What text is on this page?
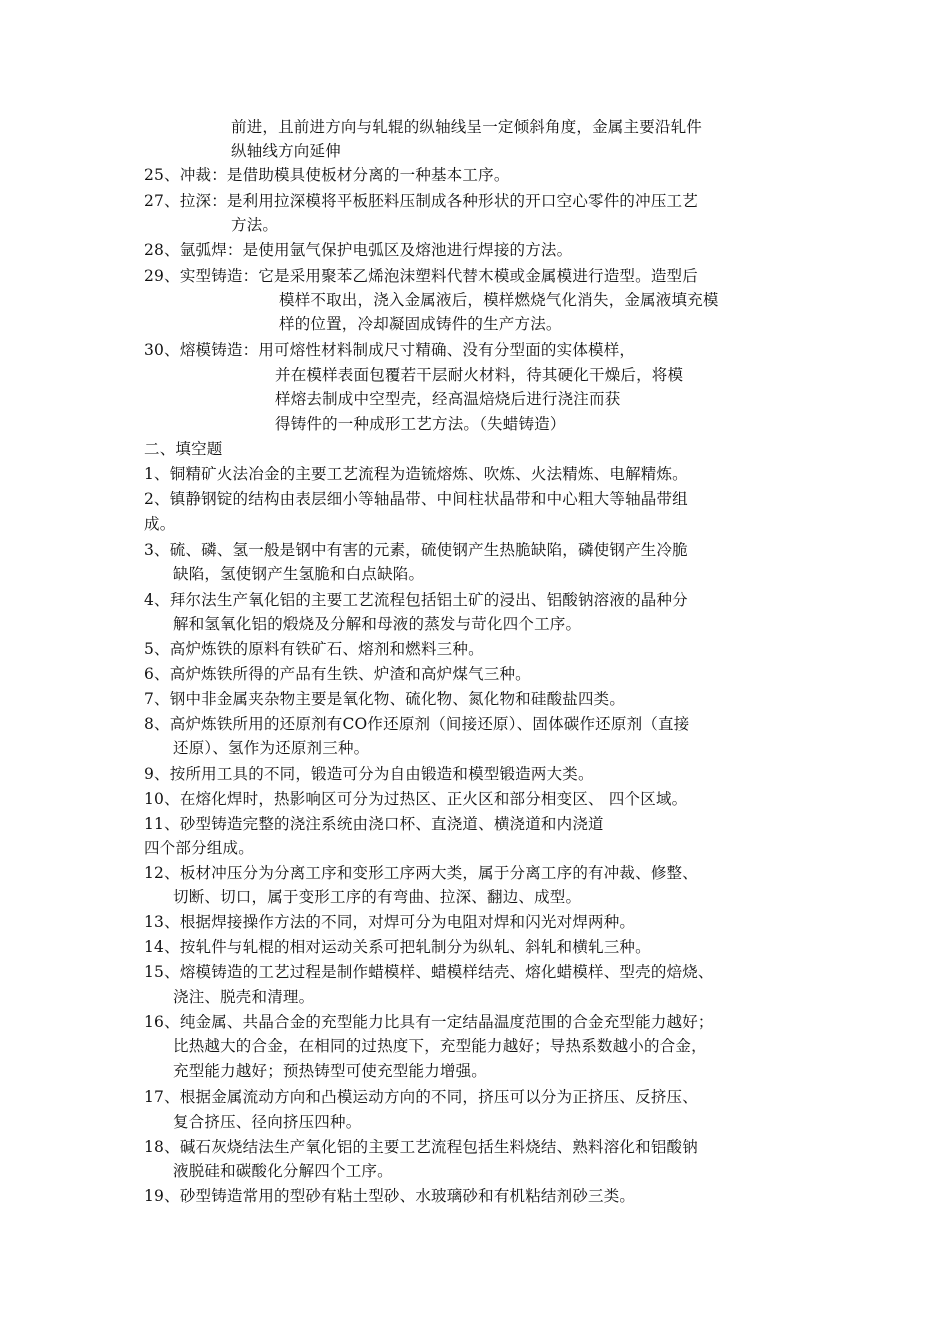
前进，且前进方向与轧辊的纵轴线呈一定倾斜角度，金属主要沿轧件
纵轴线方向延伸
25、冲裁：是借助模具使板材分离的一种基本工序。
27、拉深：是利用拉深模将平板胚料压制成各种形状的开口空心零件的冲压工艺
方法。
28、氩弧焊：是使用氩气保护电弧区及熔池进行焊接的方法。
29、实型铸造：它是采用聚苯乙烯泡沫塑料代替木模或金属模进行造型。造型后
模样不取出，浇入金属液后，模样燃烧气化消失，金属液填充模
样的位置，冷却凝固成铸件的生产方法。
30、熔模铸造：用可熔性材料制成尺寸精确、没有分型面的实体模样，
并在模样表面包覆若干层耐火材料，待其硬化干燥后，将模
样熔去制成中空型壳，经高温焙烧后进行浇注而获
得铸件的一种成形工艺方法。（失蜡铸造）
二、填空题
1、铜精矿火法冶金的主要工艺流程为造锍熔炼、吹炼、火法精炼、电解精炼。
2、镇静钢锭的结构由表层细小等轴晶带、中间柱状晶带和中心粗大等轴晶带组
成。
3、硫、磷、氢一般是钢中有害的元素，硫使钢产生热脆缺陷，磷使钢产生冷脆
缺陷，氢使钢产生氢脆和白点缺陷。
4、拜尔法生产氧化铝的主要工艺流程包括铝土矿的浸出、铝酸钠溶液的晶种分
解和氢氧化铝的煅烧及分解和母液的蒸发与苛化四个工序。
5、高炉炼铁的原料有铁矿石、熔剂和燃料三种。
6、高炉炼铁所得的产品有生铁、炉渣和高炉煤气三种。
7、钢中非金属夹杂物主要是氧化物、硫化物、氮化物和硅酸盐四类。
8、高炉炼铁所用的还原剂有CO作还原剂（间接还原）、固体碳作还原剂（直接
还原）、氢作为还原剂三种。
9、按所用工具的不同，锻造可分为自由锻造和模型锻造两大类。
10、在熔化焊时，热影响区可分为过热区、正火区和部分相变区、 四个区域。
11、砂型铸造完整的浇注系统由浇口杯、直浇道、横浇道和内浇道
四个部分组成。
12、板材冲压分为分离工序和变形工序两大类，属于分离工序的有冲裁、修整、
切断、切口，属于变形工序的有弯曲、拉深、翻边、成型。
13、根据焊接操作方法的不同，对焊可分为电阻对焊和闪光对焊两种。
14、按轧件与轧棍的相对运动关系可把轧制分为纵轧、斜轧和横轧三种。
15、熔模铸造的工艺过程是制作蜡模样、蜡模样结壳、熔化蜡模样、型壳的焙烧、
浇注、脱壳和清理。
16、纯金属、共晶合金的充型能力比具有一定结晶温度范围的合金充型能力越好；
比热越大的合金，在相同的过热度下，充型能力越好；导热系数越小的合金，
充型能力越好；预热铸型可使充型能力增强。
17、根据金属流动方向和凸模运动方向的不同，挤压可以分为正挤压、反挤压、
复合挤压、径向挤压四种。
18、碱石灰烧结法生产氧化铝的主要工艺流程包括生料烧结、熟料溶化和铝酸钠
液脱硅和碳酸化分解四个工序。
19、砂型铸造常用的型砂有粘土型砂、水玻璃砂和有机粘结剂砂三类。
